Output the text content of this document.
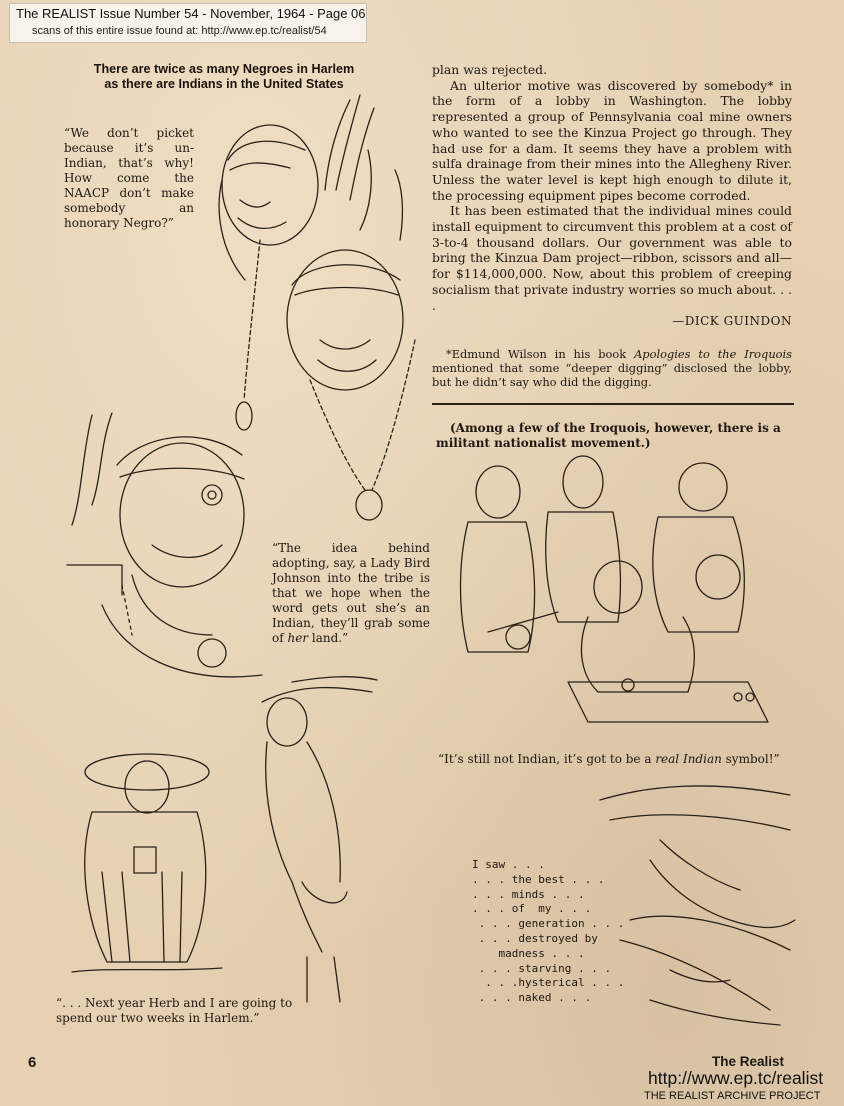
The REALIST Issue Number 54 - November, 1964 - Page 06
scans of this entire issue found at: http://www.ep.tc/realist/54
There are twice as many Negroes in Harlem
as there are Indians in the United States
“We don’t picket because it’s un-Indian, that’s why! How come the NAACP don’t make somebody an honorary Negro?”

plan was rejected.

An ulterior motive was discovered by somebody* in the form of a lobby in Washington. The lobby represented a group of Pennsylvania coal mine owners who wanted to see the Kinzua Project go through. They had use for a dam. It seems they have a problem with sulfa drainage from their mines into the Allegheny River. Unless the water level is kept high enough to dilute it, the processing equipment pipes become corroded.

It has been estimated that the individual mines could install equipment to circumvent this problem at a cost of 3-to-4 thousand dollars. Our government was able to bring the Kinzua Dam project—ribbon, scissors and all—for $114,000,000. Now, about this problem of creeping socialism that private industry worries so much about. . . .

—DICK GUINDON
*Edmund Wilson in his book Apologies to the Iroquois mentioned that some “deeper digging” disclosed the lobby, but he didn’t say who did the digging.
(Among a few of the Iroquois, however, there is a militant nationalist movement.)
“The idea behind adopting, say, a Lady Bird Johnson into the tribe is that we hope when the word gets out she’s an Indian, they’ll grab some of her land.”
“It’s still not Indian, it’s got to be a real Indian symbol!”
I saw . . .
. . . the best . . .
. . . minds . . .
. . . of  my . . .
. . . generation . . .
. . . destroyed by
madness . . .
. . . starving . . .
. . .hysterical . . .
. . . naked . . .
“. . . Next year Herb and I are going to spend our two weeks in Harlem.”
6	The Realist
http://www.ep.tc/realist
THE REALIST ARCHIVE PROJECT
